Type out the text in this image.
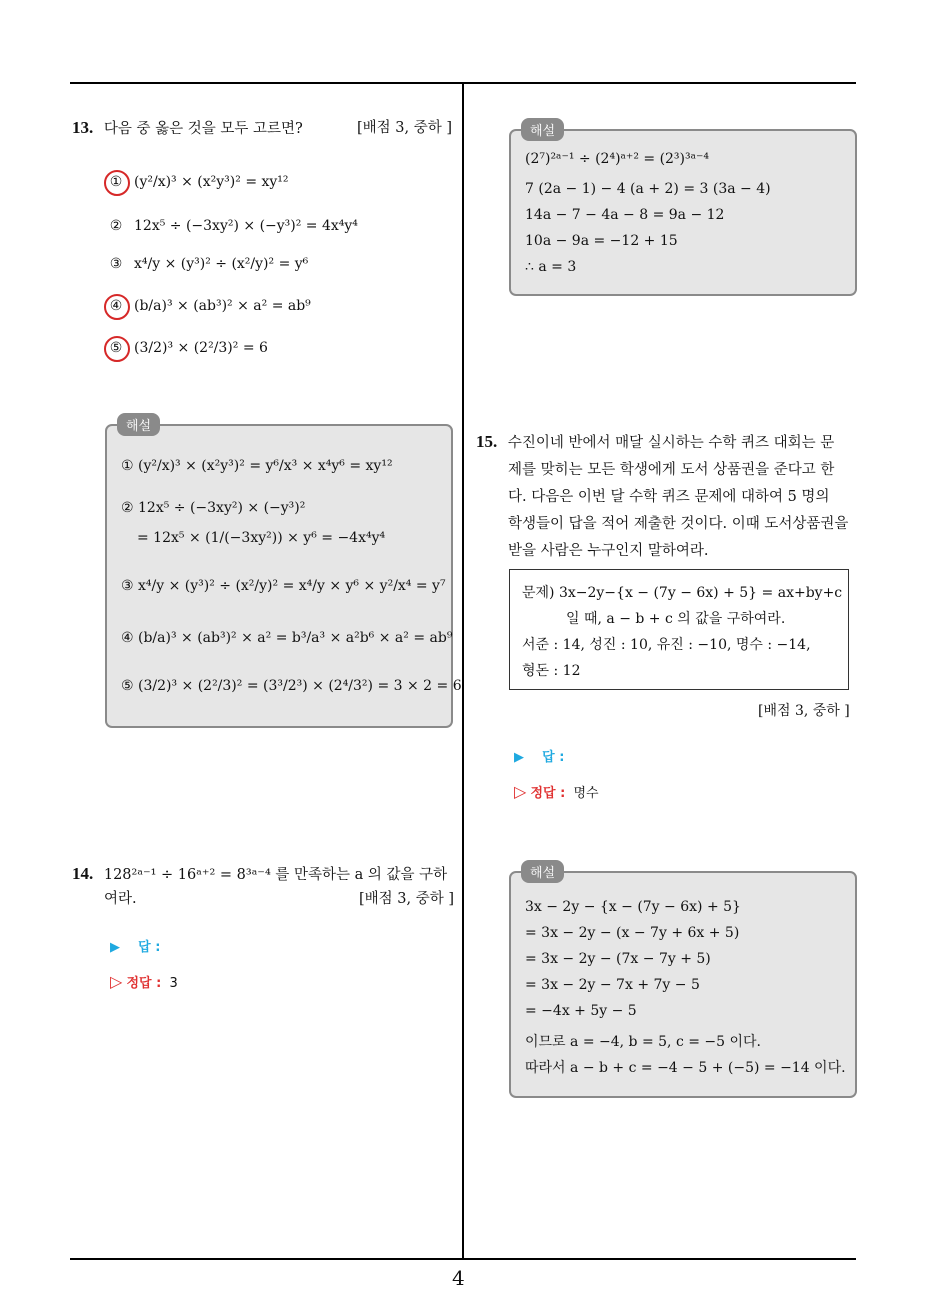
4
13. 다음 중 옳은 것을 모두 고르면?	[배점 3, 중하 ]
① (y²/x)³ × (x²y³)² = xy¹²
② 12x⁵ ÷ (−3xy²) × (−y³)² = 4x⁴y⁴
③ x⁴/y × (y³)² ÷ (x²/y)² = y⁶
④ (b/a)³ × (ab³)² × a² = ab⁹
⑤ (3/2)³ × (2²/3)² = 6
해설
① (y²/x)³ × (x²y³)² = y⁶/x³ × x⁴y⁶ = xy¹²
② 12x⁵ ÷ (−3xy²) × (−y³)²
= 12x⁵ × (1/(−3xy²)) × y⁶ = −4x⁴y⁴
③ x⁴/y × (y³)² ÷ (x²/y)² = x⁴/y × y⁶ × y²/x⁴ = y⁷
④ (b/a)³ × (ab³)² × a² = b³/a³ × a²b⁶ × a² = ab⁹
⑤ (3/2)³ × (2²/3)² = (3³/2³) × (2⁴/3²) = 3 × 2 = 6
14. 128²ᵃ⁻¹ ÷ 16ᵃ⁺² = 8³ᵃ⁻⁴ 를 만족하는 a 의 값을 구하
여라.	[배점 3, 중하 ]
▶ 답 :
▷ 정답 : 3
해설
(2⁷)²ᵃ⁻¹ ÷ (2⁴)ᵃ⁺² = (2³)³ᵃ⁻⁴
7 (2a − 1) − 4 (a + 2) = 3 (3a − 4)
14a − 7 − 4a − 8 = 9a − 12
10a − 9a = −12 + 15
∴ a = 3
15. 수진이네 반에서 매달 실시하는 수학 퀴즈 대회는 문
제를 맞히는 모든 학생에게 도서 상품권을 준다고 한
다. 다음은 이번 달 수학 퀴즈 문제에 대하여 5 명의
학생들이 답을 적어 제출한 것이다. 이때 도서상품권을
받을 사람은 누구인지 말하여라.
문제) 3x−2y−{x − (7y − 6x) + 5} = ax+by+c
일 때, a − b + c 의 값을 구하여라.
서준 : 14, 성진 : 10, 유진 : −10, 명수 : −14,
형돈 : 12
[배점 3, 중하 ]
▶ 답 :
▷ 정답 : 명수
해설
3x − 2y − {x − (7y − 6x) + 5}
= 3x − 2y − (x − 7y + 6x + 5)
= 3x − 2y − (7x − 7y + 5)
= 3x − 2y − 7x + 7y − 5
= −4x + 5y − 5
이므로 a = −4, b = 5, c = −5 이다.
따라서 a − b + c = −4 − 5 + (−5) = −14 이다.
